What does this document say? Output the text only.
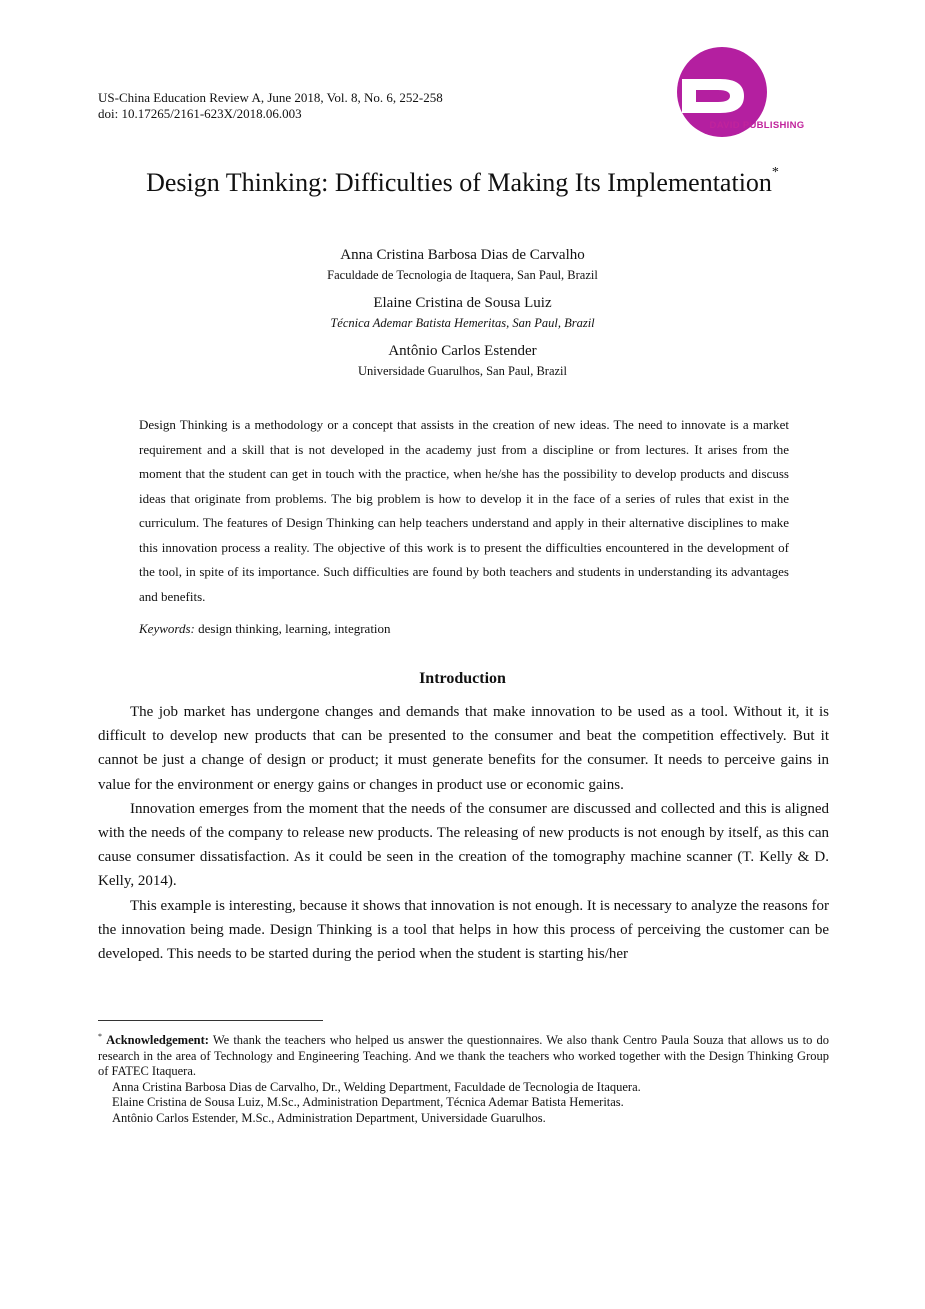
US-China Education Review A, June 2018, Vol. 8, No. 6, 252-258
doi: 10.17265/2161-623X/2018.06.003
DAVID PUBLISHING
Design Thinking: Difficulties of Making Its Implementation*
Anna Cristina Barbosa Dias de Carvalho
Faculdade de Tecnologia de Itaquera, San Paul, Brazil
Elaine Cristina de Sousa Luiz
Técnica Ademar Batista Hemeritas, San Paul, Brazil
Antônio Carlos Estender
Universidade Guarulhos, San Paul, Brazil
Design Thinking is a methodology or a concept that assists in the creation of new ideas. The need to innovate is a market requirement and a skill that is not developed in the academy just from a discipline or from lectures. It arises from the moment that the student can get in touch with the practice, when he/she has the possibility to develop products and discuss ideas that originate from problems. The big problem is how to develop it in the face of a series of rules that exist in the curriculum. The features of Design Thinking can help teachers understand and apply in their alternative disciplines to make this innovation process a reality. The objective of this work is to present the difficulties encountered in the development of the tool, in spite of its importance. Such difficulties are found by both teachers and students in understanding its advantages and benefits.
Keywords: design thinking, learning, integration
Introduction

The job market has undergone changes and demands that make innovation to be used as a tool. Without it, it is difficult to develop new products that can be presented to the consumer and beat the competition effectively. But it cannot be just a change of design or product; it must generate benefits for the consumer. It needs to perceive gains in value for the environment or energy gains or changes in product use or economic gains.

Innovation emerges from the moment that the needs of the consumer are discussed and collected and this is aligned with the needs of the company to release new products. The releasing of new products is not enough by itself, as this can cause consumer dissatisfaction. As it could be seen in the creation of the tomography machine scanner (T. Kelly & D. Kelly, 2014).

This example is interesting, because it shows that innovation is not enough. It is necessary to analyze the reasons for the innovation being made. Design Thinking is a tool that helps in how this process of perceiving the customer can be developed. This needs to be started during the period when the student is starting his/her

* Acknowledgement: We thank the teachers who helped us answer the questionnaires. We also thank Centro Paula Souza that allows us to do research in the area of Technology and Engineering Teaching. And we thank the teachers who worked together with the Design Thinking Group of FATEC Itaquera.
Anna Cristina Barbosa Dias de Carvalho, Dr., Welding Department, Faculdade de Tecnologia de Itaquera.
Elaine Cristina de Sousa Luiz, M.Sc., Administration Department, Técnica Ademar Batista Hemeritas.
Antônio Carlos Estender, M.Sc., Administration Department, Universidade Guarulhos.
